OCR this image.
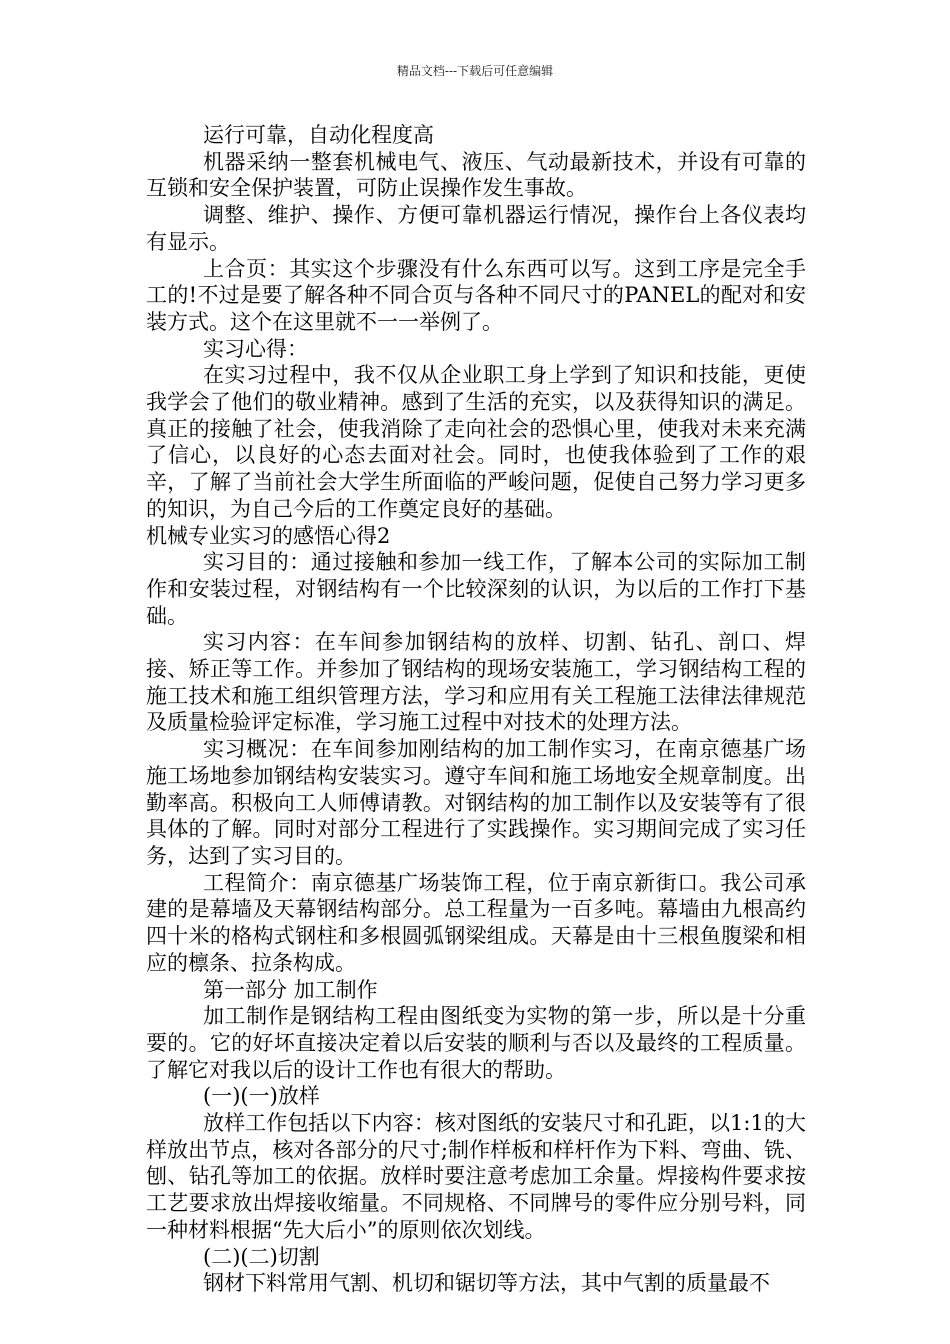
精品文档---下载后可任意编辑

运行可靠，自动化程度高

机器采纳一整套机械电气、液压、气动最新技术，并设有可靠的互锁和安全保护装置，可防止误操作发生事故。

调整、维护、操作、方便可靠机器运行情况，操作台上各仪表均有显示。

上合页：其实这个步骤没有什么东西可以写。这到工序是完全手工的!不过是要了解各种不同合页与各种不同尺寸的PANEL的配对和安装方式。这个在这里就不一一举例了。

实习心得：

在实习过程中，我不仅从企业职工身上学到了知识和技能，更使我学会了他们的敬业精神。感到了生活的充实，以及获得知识的满足。真正的接触了社会，使我消除了走向社会的恐惧心里，使我对未来充满了信心，以良好的心态去面对社会。同时，也使我体验到了工作的艰辛，了解了当前社会大学生所面临的严峻问题，促使自己努力学习更多的知识，为自己今后的工作奠定良好的基础。

机械专业实习的感悟心得2

实习目的：通过接触和参加一线工作，了解本公司的实际加工制作和安装过程，对钢结构有一个比较深刻的认识，为以后的工作打下基础。

实习内容：在车间参加钢结构的放样、切割、钻孔、剖口、焊接、矫正等工作。并参加了钢结构的现场安装施工，学习钢结构工程的施工技术和施工组织管理方法，学习和应用有关工程施工法律法律规范及质量检验评定标准，学习施工过程中对技术的处理方法。

实习概况：在车间参加刚结构的加工制作实习，在南京德基广场施工场地参加钢结构安装实习。遵守车间和施工场地安全规章制度。出勤率高。积极向工人师傅请教。对钢结构的加工制作以及安装等有了很具体的了解。同时对部分工程进行了实践操作。实习期间完成了实习任务，达到了实习目的。

工程简介：南京德基广场装饰工程，位于南京新街口。我公司承建的是幕墙及天幕钢结构部分。总工程量为一百多吨。幕墙由九根高约四十米的格构式钢柱和多根圆弧钢梁组成。天幕是由十三根鱼腹梁和相应的檩条、拉条构成。

第一部分 加工制作

加工制作是钢结构工程由图纸变为实物的第一步，所以是十分重要的。它的好坏直接决定着以后安装的顺利与否以及最终的工程质量。了解它对我以后的设计工作也有很大的帮助。

(一)(一)放样

放样工作包括以下内容：核对图纸的安装尺寸和孔距，以1:1的大样放出节点，核对各部分的尺寸;制作样板和样杆作为下料、弯曲、铣、刨、钻孔等加工的依据。放样时要注意考虑加工余量。焊接构件要求按工艺要求放出焊接收缩量。不同规格、不同牌号的零件应分别号料，同一种材料根据“先大后小”的原则依次划线。

(二)(二)切割

钢材下料常用气割、机切和锯切等方法，其中气割的质量最不
